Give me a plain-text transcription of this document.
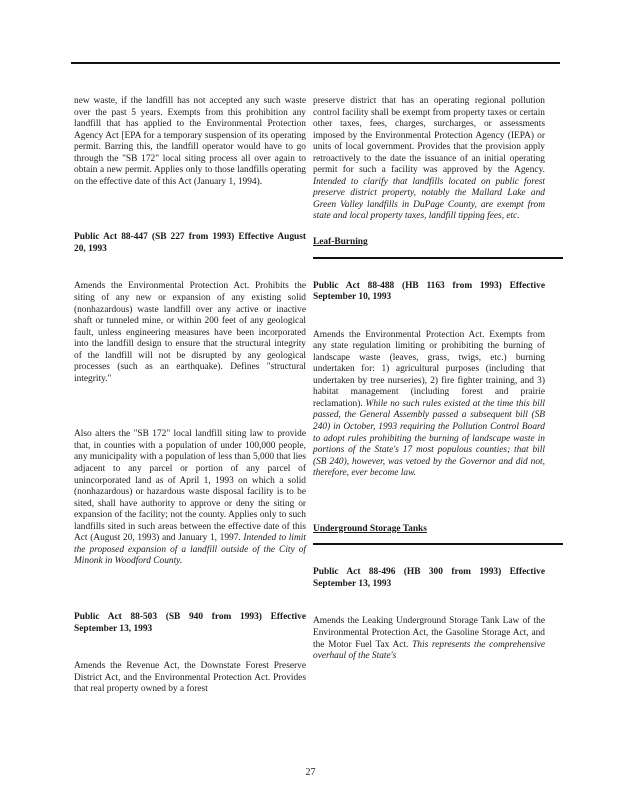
new waste, if the landfill has not accepted any such waste over the past 5 years. Exempts from this prohibition any landfill that has applied to the Environmental Protection Agency Act [EPA for a temporary suspension of its operating permit. Barring this, the landfill operator would have to go through the "SB 172" local siting process all over again to obtain a new permit. Applies only to those landfills operating on the effective date of this Act (January 1, 1994).

Public Act 88-447 (SB 227 from 1993) Effective August 20, 1993

Amends the Environmental Protection Act. Prohibits the siting of any new or expansion of any existing solid (nonhazardous) waste landfill over any active or inactive shaft or tunneled mine, or within 200 feet of any geological fault, unless engineering measures have been incorporated into the landfill design to ensure that the structural integrity of the landfill will not be disrupted by any geological processes (such as an earthquake). Defines "structural integrity."

Also alters the "SB 172" local landfill siting law to provide that, in counties with a population of under 100,000 people, any municipality with a population of less than 5,000 that lies adjacent to any parcel or portion of any parcel of unincorporated land as of April 1, 1993 on which a solid (nonhazardous) or hazardous waste disposal facility is to be sited, shall have authority to approve or deny the siting or expansion of the facility; not the county. Applies only to such landfills sited in such areas between the effective date of this Act (August 20, 1993) and January 1, 1997. Intended to limit the proposed expansion of a landfill outside of the City of Minonk in Woodford County.

Public Act 88-503 (SB 940 from 1993) Effective September 13, 1993

Amends the Revenue Act, the Downstate Forest Preserve District Act, and the Environmental Protection Act. Provides that real property owned by a forest

preserve district that has an operating regional pollution control facility shall be exempt from property taxes or certain other taxes, fees, charges, surcharges, or assessments imposed by the Environmental Protection Agency (IEPA) or units of local government. Provides that the provision apply retroactively to the date the issuance of an initial operating permit for such a facility was approved by the Agency. Intended to clarify that landfills located on public forest preserve district property, notably the Mallard Lake and Green Valley landfills in DuPage County, are exempt from state and local property taxes, landfill tipping fees, etc.

Leaf-Burning
Public Act 88-488 (HB 1163 from 1993) Effective September 10, 1993

Amends the Environmental Protection Act. Exempts from any state regulation limiting or prohibiting the burning of landscape waste (leaves, grass, twigs, etc.) burning undertaken for: 1) agricultural purposes (including that undertaken by tree nurseries), 2) fire fighter training, and 3) habitat management (including forest and prairie reclamation). While no such rules existed at the time this bill passed, the General Assembly passed a subsequent bill (SB 240) in October, 1993 requiring the Pollution Control Board to adopt rules prohibiting the burning of landscape waste in portions of the State's 17 most populous counties; that bill (SB 240), however, was vetoed by the Governor and did not, therefore, ever become law.

Underground Storage Tanks
Public Act 88-496 (HB 300 from 1993) Effective September 13, 1993

Amends the Leaking Underground Storage Tank Law of the Environmental Protection Act, the Gasoline Storage Act, and the Motor Fuel Tax Act. This represents the comprehensive overhaul of the State's

27
